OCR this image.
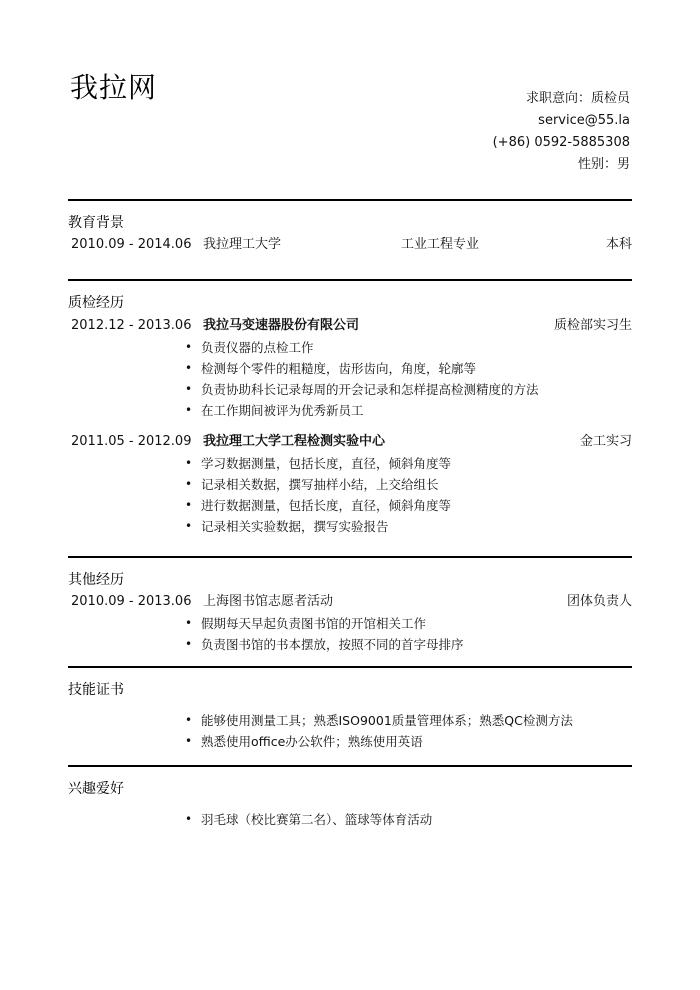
我拉网	求职意向：质检员
service@55.la
(+86) 0592-5885308
性别：男
教育背景
2010.09 - 2014.06 我拉理工大学	工业工程专业	本科
质检经历
2012.12 - 2013.06 我拉马变速器股份有限公司	质检部实习生
• 负责仪器的点检工作
• 检测每个零件的粗糙度，齿形齿向，角度，轮廓等
• 负责协助科长记录每周的开会记录和怎样提高检测精度的方法
• 在工作期间被评为优秀新员工
2011.05 - 2012.09 我拉理工大学工程检测实验中心	金工实习
• 学习数据测量，包括长度，直径，倾斜角度等
• 记录相关数据，撰写抽样小结，上交给组长
• 进行数据测量，包括长度，直径，倾斜角度等
• 记录相关实验数据，撰写实验报告
其他经历
2010.09 - 2013.06 上海图书馆志愿者活动	团体负责人
• 假期每天早起负责图书馆的开馆相关工作
• 负责图书馆的书本摆放，按照不同的首字母排序
技能证书
• 能够使用测量工具；熟悉ISO9001质量管理体系；熟悉QC检测方法
• 熟悉使用office办公软件；熟练使用英语
兴趣爱好
• 羽毛球（校比赛第二名）、篮球等体育活动
